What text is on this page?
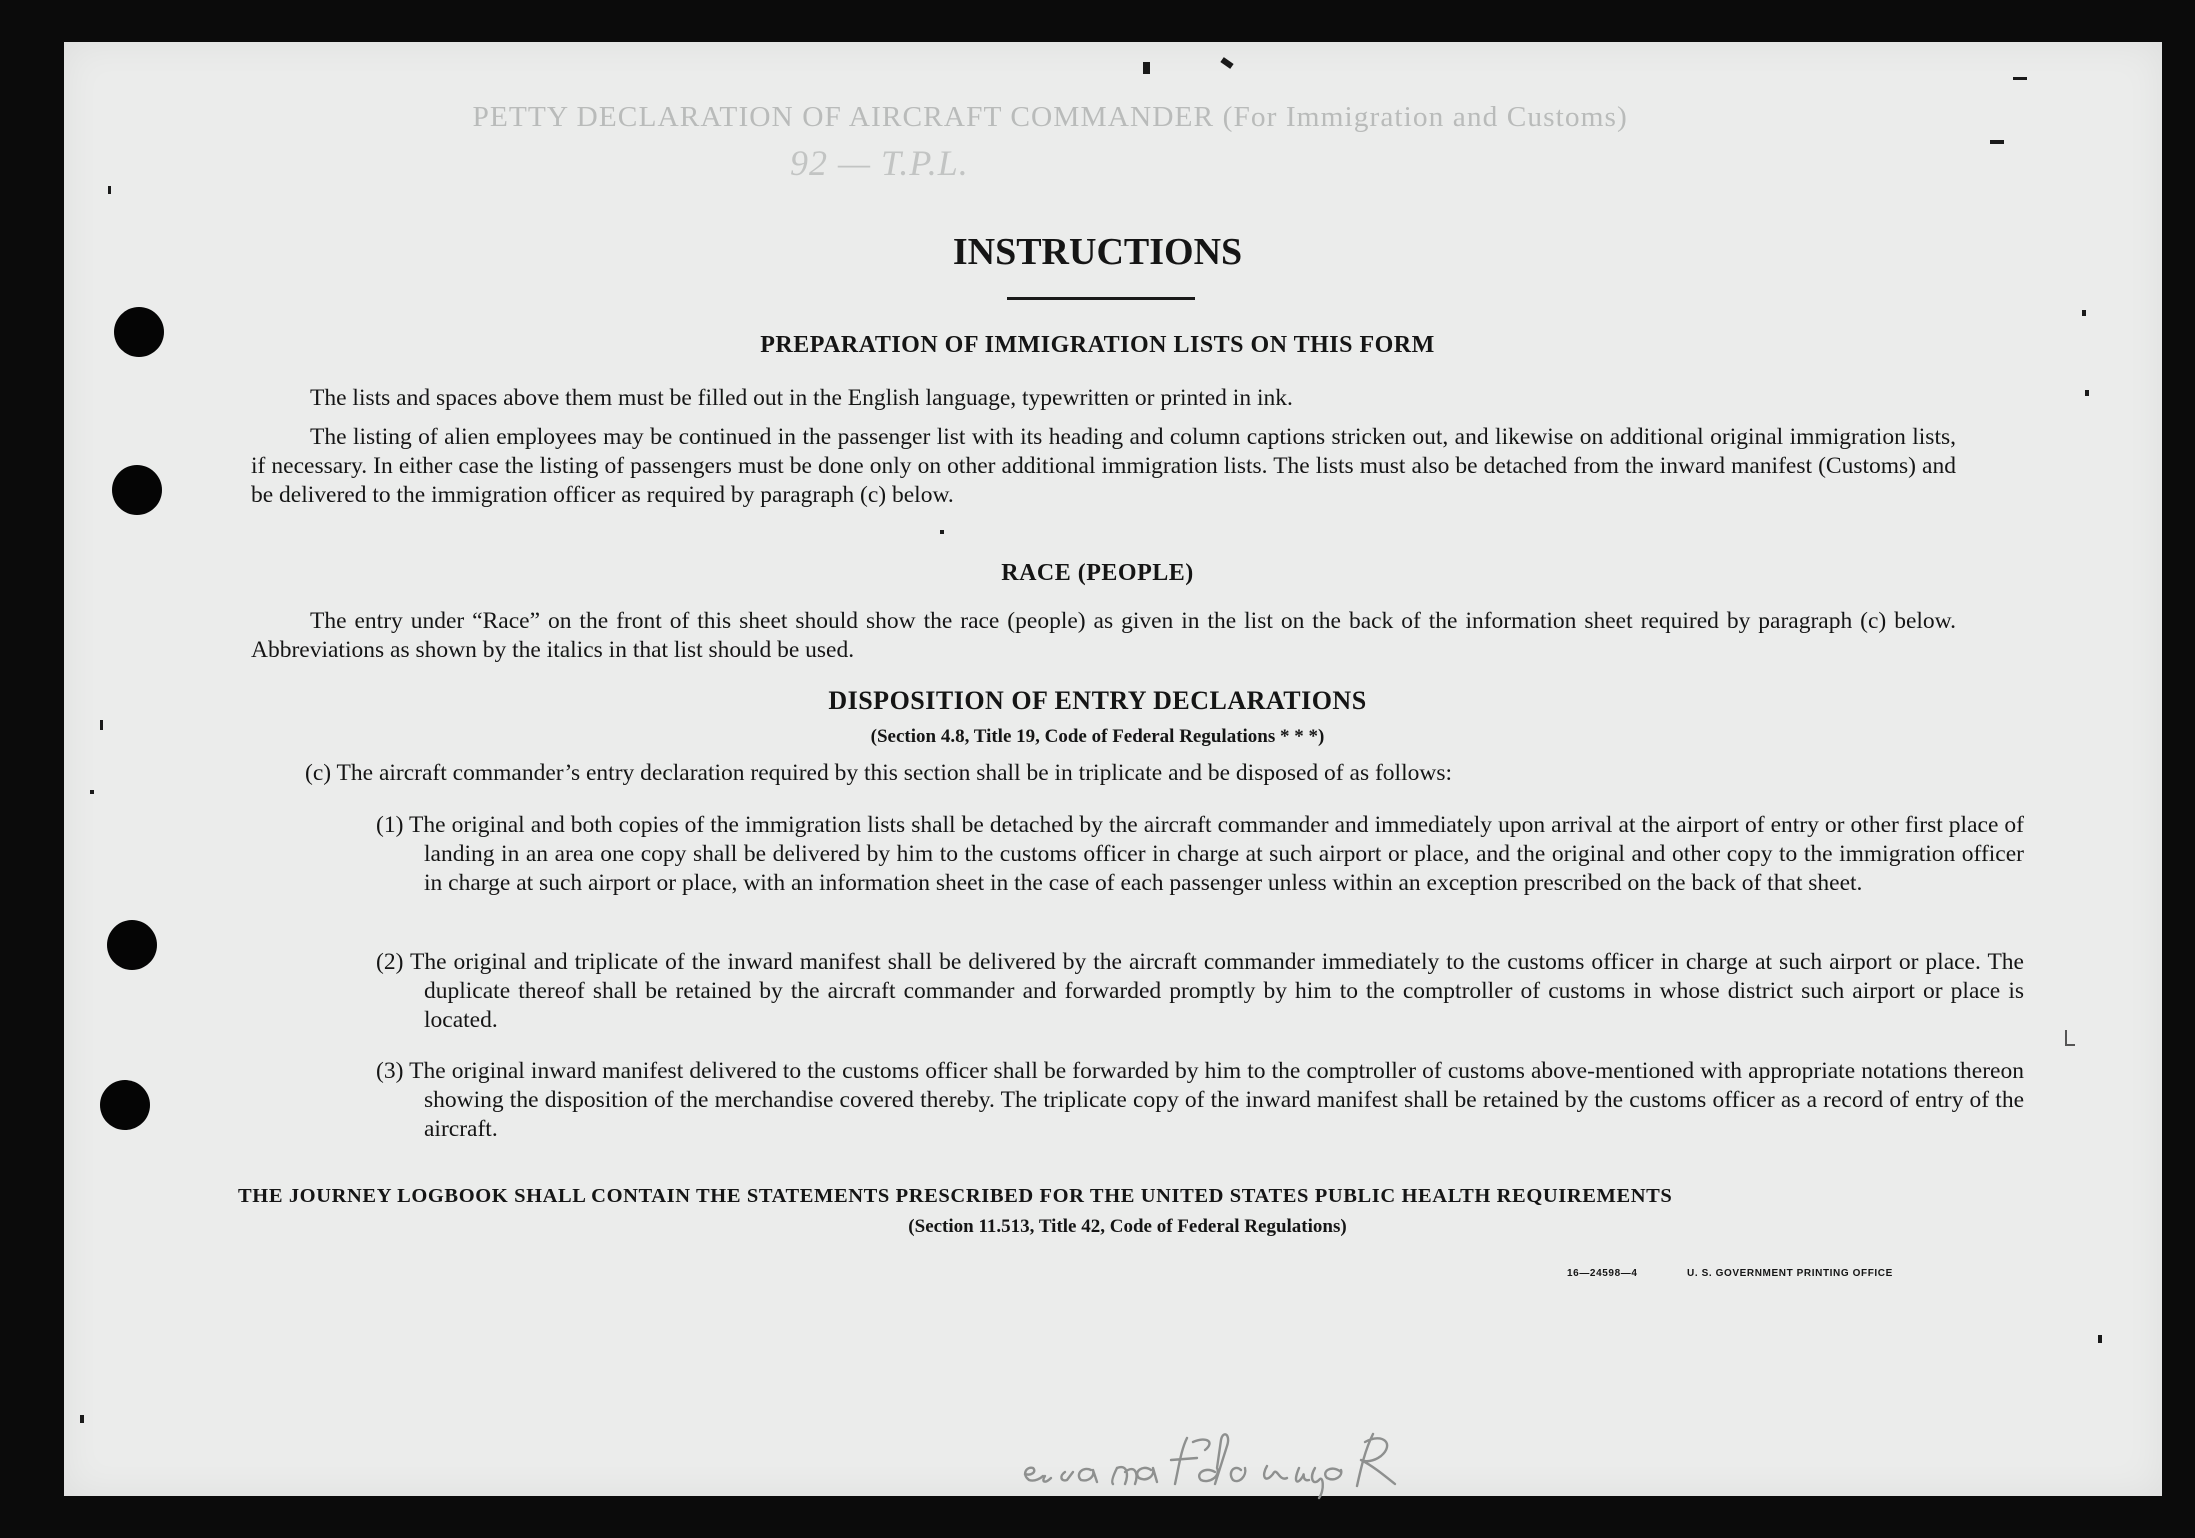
PETTY DECLARATION OF AIRCRAFT COMMANDER (For Immigration and Customs)
92 — T.P.L.
INSTRUCTIONS
PREPARATION OF IMMIGRATION LISTS ON THIS FORM
The lists and spaces above them must be filled out in the English language, typewritten or printed in ink.
The listing of alien employees may be continued in the passenger list with its heading and column captions stricken out, and likewise on additional original immigration lists, if necessary. In either case the listing of passengers must be done only on other additional immigration lists. The lists must also be detached from the inward manifest (Customs) and be delivered to the immigration officer as required by paragraph (c) below.
RACE (PEOPLE)
The entry under “Race” on the front of this sheet should show the race (people) as given in the list on the back of the information sheet required by paragraph (c) below. Abbreviations as shown by the italics in that list should be used.
DISPOSITION OF ENTRY DECLARATIONS
(Section 4.8, Title 19, Code of Federal Regulations * * *)
(c) The aircraft commander’s entry declaration required by this section shall be in triplicate and be disposed of as follows:
(1) The original and both copies of the immigration lists shall be detached by the aircraft commander and immediately upon arrival at the airport of entry or other first place of landing in an area one copy shall be delivered by him to the customs officer in charge at such airport or place, and the original and other copy to the immigration officer in charge at such airport or place, with an information sheet in the case of each passenger unless within an exception prescribed on the back of that sheet.
(2) The original and triplicate of the inward manifest shall be delivered by the aircraft commander immediately to the customs officer in charge at such airport or place. The duplicate thereof shall be retained by the aircraft commander and forwarded promptly by him to the comptroller of customs in whose district such airport or place is located.
(3) The original inward manifest delivered to the customs officer shall be forwarded by him to the comptroller of customs above-mentioned with appropriate notations thereon showing the disposition of the merchandise covered thereby. The triplicate copy of the inward manifest shall be retained by the customs officer as a record of entry of the aircraft.
THE JOURNEY LOGBOOK SHALL CONTAIN THE STATEMENTS PRESCRIBED FOR THE UNITED STATES PUBLIC HEALTH REQUIREMENTS
(Section 11.513, Title 42, Code of Federal Regulations)
16—24598—4	U. S. GOVERNMENT PRINTING OFFICE
